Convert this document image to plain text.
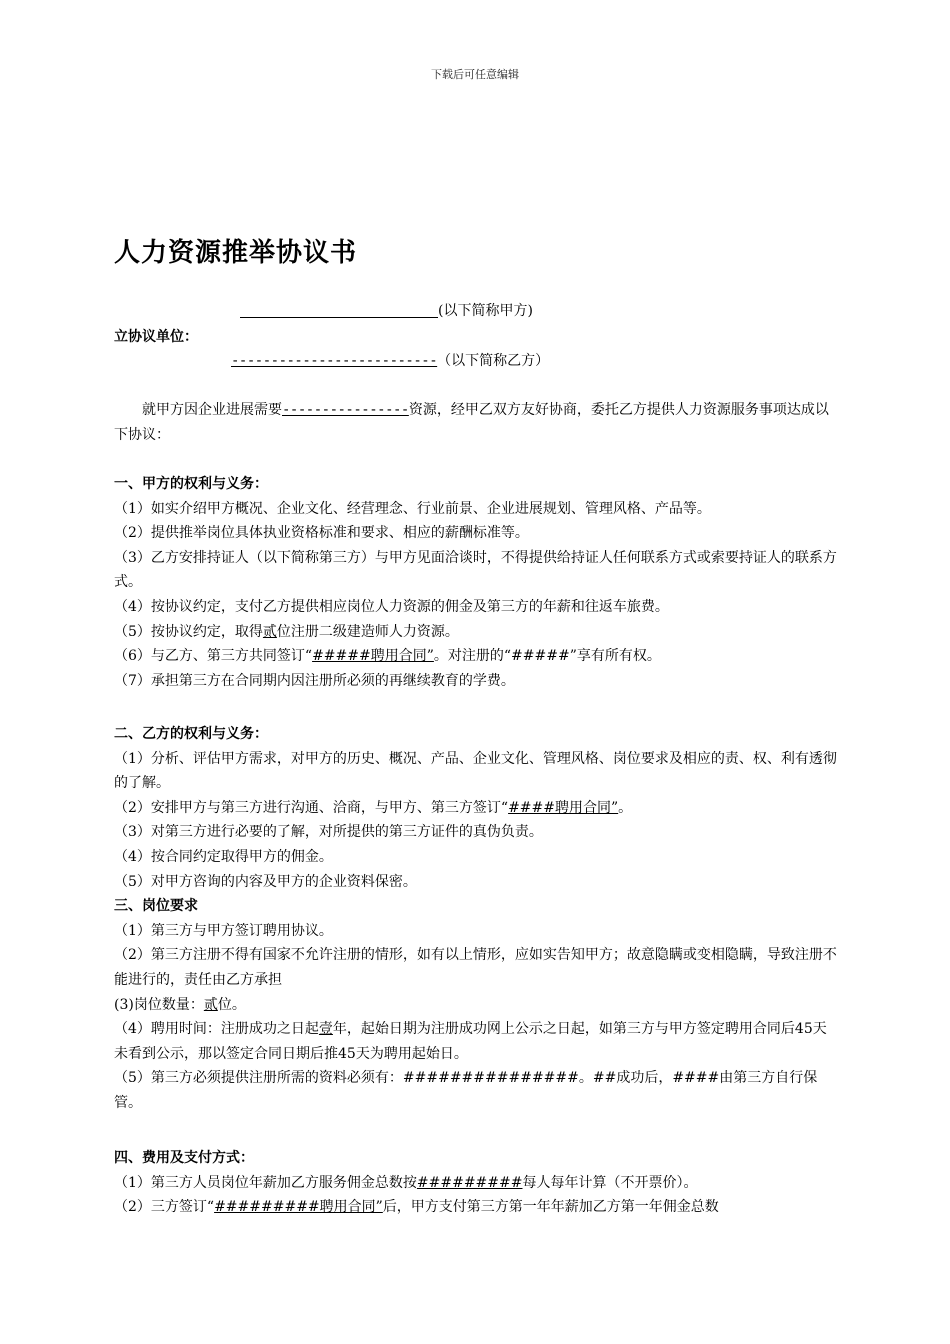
下载后可任意编辑
人力资源推举协议书
(以下简称甲方)
立协议单位：
--------------------------（以下简称乙方）

就甲方因企业进展需要----------------资源，经甲乙双方友好协商，委托乙方提供人力资源服务事项达成以下协议：

一、甲方的权利与义务：

（1）如实介绍甲方概况、企业文化、经营理念、行业前景、企业进展规划、管理风格、产品等。

（2）提供推举岗位具体执业资格标准和要求、相应的薪酬标准等。

（3）乙方安排持证人（以下简称第三方）与甲方见面洽谈时，不得提供给持证人任何联系方式或索要持证人的联系方式。

（4）按协议约定，支付乙方提供相应岗位人力资源的佣金及第三方的年薪和往返车旅费。

（5）按协议约定，取得贰位注册二级建造师人力资源。

（6）与乙方、第三方共同签订“#####聘用合同”。对注册的“#####”享有所有权。

（7）承担第三方在合同期内因注册所必须的再继续教育的学费。

二、乙方的权利与义务：

（1）分析、评估甲方需求，对甲方的历史、概况、产品、企业文化、管理风格、岗位要求及相应的责、权、利有透彻的了解。

（2）安排甲方与第三方进行沟通、洽商，与甲方、第三方签订“####聘用合同”。

（3）对第三方进行必要的了解，对所提供的第三方证件的真伪负责。

（4）按合同约定取得甲方的佣金。

（5）对甲方咨询的内容及甲方的企业资料保密。

三、岗位要求

（1）第三方与甲方签订聘用协议。

（2）第三方注册不得有国家不允许注册的情形，如有以上情形，应如实告知甲方；故意隐瞒或变相隐瞒，导致注册不能进行的，责任由乙方承担

(3)岗位数量：贰位。

（4）聘用时间：注册成功之日起壹年，起始日期为注册成功网上公示之日起，如第三方与甲方签定聘用合同后45天未看到公示，那以签定合同日期后推45天为聘用起始日。

（5）第三方必须提供注册所需的资料必须有：###############。##成功后，####由第三方自行保管。

四、费用及支付方式：

（1）第三方人员岗位年薪加乙方服务佣金总数按#########每人每年计算（不开票价）。

（2）三方签订“#########聘用合同”后，甲方支付第三方第一年年薪加乙方第一年佣金总数
